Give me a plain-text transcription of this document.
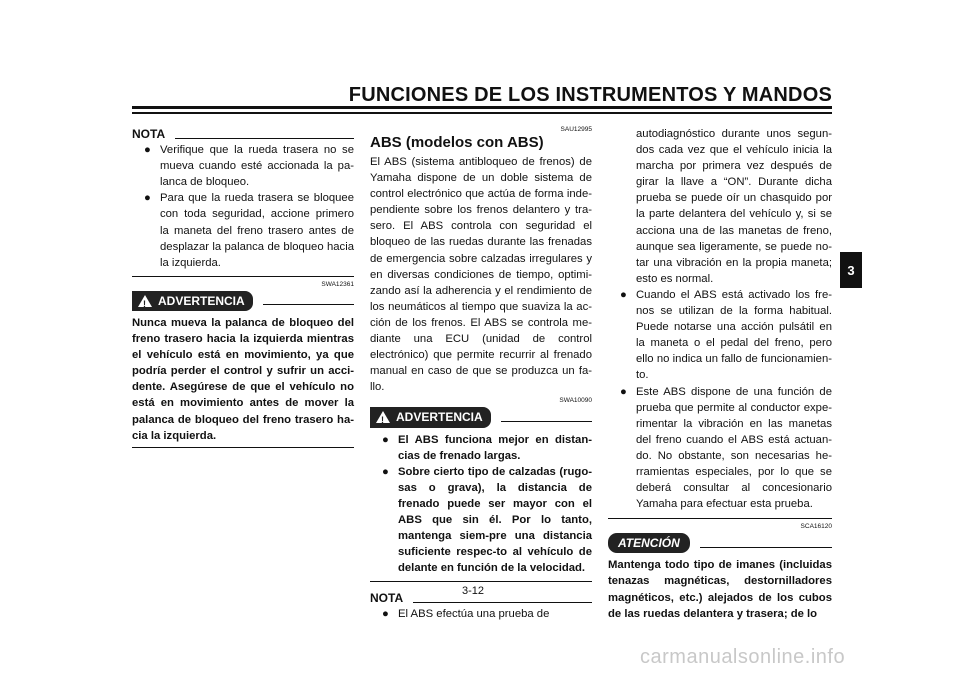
FUNCIONES DE LOS INSTRUMENTOS Y MANDOS
3
NOTA
● Verifique que la rueda trasera no se mueva cuando esté accionada la pa-lanca de bloqueo.
● Para que la rueda trasera se bloquee con toda seguridad, accione primero la maneta del freno trasero antes de desplazar la palanca de bloqueo hacia la izquierda.
SWA12361
! ADVERTENCIA
Nunca mueva la palanca de bloqueo del freno trasero hacia la izquierda mientras el vehículo está en movimiento, ya que podría perder el control y sufrir un acci-dente. Asegúrese de que el vehículo no está en movimiento antes de mover la palanca de bloqueo del freno trasero ha-cia la izquierda.
SAU12995
ABS (modelos con ABS)
El ABS (sistema antibloqueo de frenos) de Yamaha dispone de un doble sistema de control electrónico que actúa de forma inde-pendiente sobre los frenos delantero y tra-sero. El ABS controla con seguridad el bloqueo de las ruedas durante las frenadas de emergencia sobre calzadas irregulares y en diversas condiciones de tiempo, optimi-zando así la adherencia y el rendimiento de los neumáticos al tiempo que suaviza la ac-ción de los frenos. El ABS se controla me-diante una ECU (unidad de control electrónico) que permite recurrir al frenado manual en caso de que se produzca un fa-llo.
SWA10090
! ADVERTENCIA
● El ABS funciona mejor en distan-cias de frenado largas.
● Sobre cierto tipo de calzadas (rugo-sas o grava), la distancia de frenado puede ser mayor con el ABS que sin él. Por lo tanto, mantenga siem-pre una distancia suficiente respec-to al vehículo de delante en función de la velocidad.
NOTA
● El ABS efectúa una prueba de
autodiagnóstico durante unos segun-dos cada vez que el vehículo inicia la marcha por primera vez después de girar la llave a “ON”. Durante dicha prueba se puede oír un chasquido por la parte delantera del vehículo y, si se acciona una de las manetas de freno, aunque sea ligeramente, se puede no-tar una vibración en la propia maneta; esto es normal.
● Cuando el ABS está activado los fre-nos se utilizan de la forma habitual. Puede notarse una acción pulsátil en la maneta o el pedal del freno, pero ello no indica un fallo de funcionamien-to.
● Este ABS dispone de una función de prueba que permite al conductor expe-rimentar la vibración en las manetas del freno cuando el ABS está actuan-do. No obstante, son necesarias he-rramientas especiales, por lo que se deberá consultar al concesionario Yamaha para efectuar esta prueba.
SCA16120
ATENCIÓN
Mantenga todo tipo de imanes (incluidas tenazas magnéticas, destornilladores magnéticos, etc.) alejados de los cubos de las ruedas delantera y trasera; de lo
3-12
carmanualsonline.info
